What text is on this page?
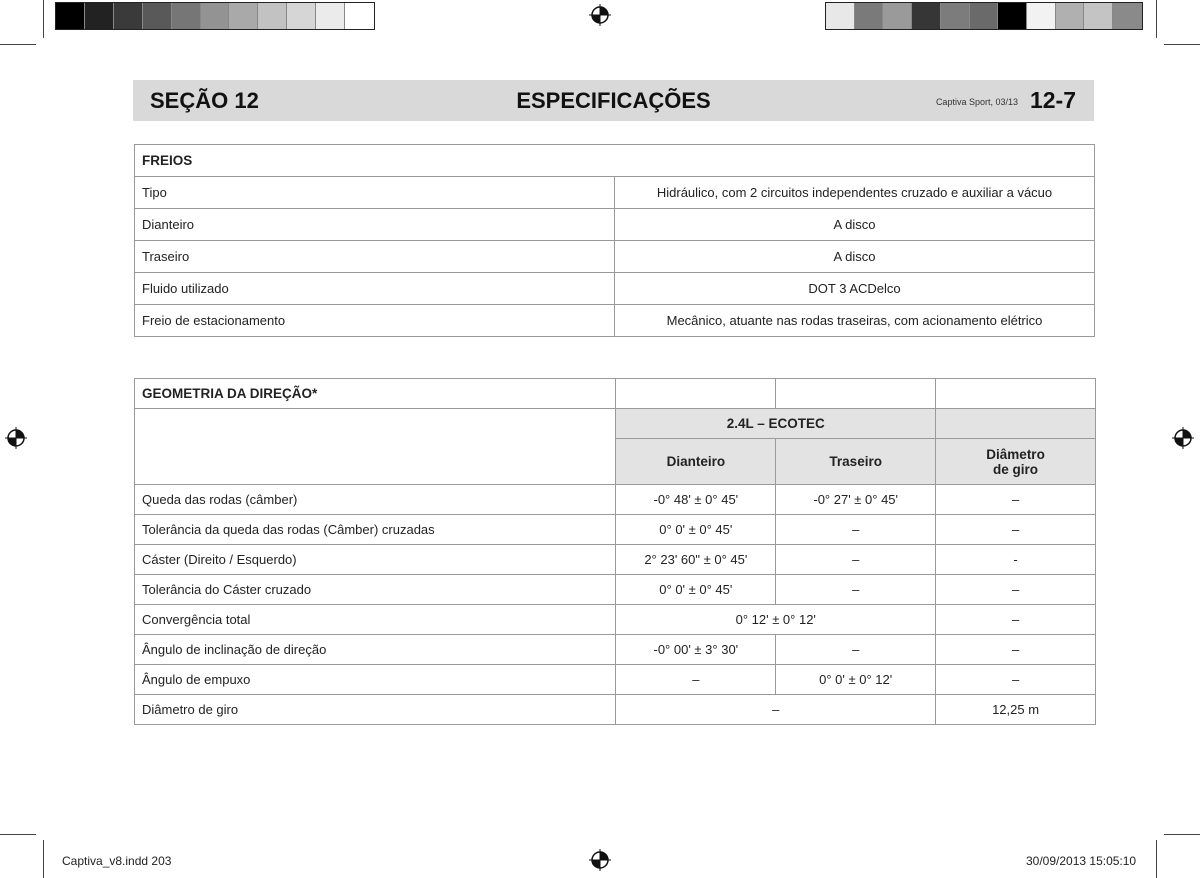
SEÇÃO 12	ESPECIFICAÇÕES	Captiva Sport, 03/13 12-7
FREIOS	
Tipo	Hidráulico, com 2 circuitos independentes cruzado e auxiliar a vácuo
Dianteiro	A disco
Traseiro	A disco
Fluido utilizado	DOT 3 ACDelco
Freio de estacionamento	Mecânico, atuante nas rodas traseiras, com acionamento elétrico
GEOMETRIA DA DIREÇÃO*			
	2.4L – ECOTEC		
	Dianteiro	Traseiro	Diâmetro
de giro
Queda das rodas (câmber)	-0° 48' ± 0° 45'	-0° 27' ± 0° 45'	–
Tolerância da queda das rodas (Câmber) cruzadas	0° 0' ± 0° 45'	–	–
Cáster (Direito / Esquerdo)	2° 23' 60" ± 0° 45'	–	-
Tolerância do Cáster cruzado	0° 0' ± 0° 45'	–	–
Convergência total	0° 12' ± 0° 12'		–
Ângulo de inclinação de direção	-0° 00' ± 3° 30'	–	–
Ângulo de empuxo	–	0° 0' ± 0° 12'	–
Diâmetro de giro	–		12,25 m
Captiva_v8.indd 203	30/09/2013 15:05:10
